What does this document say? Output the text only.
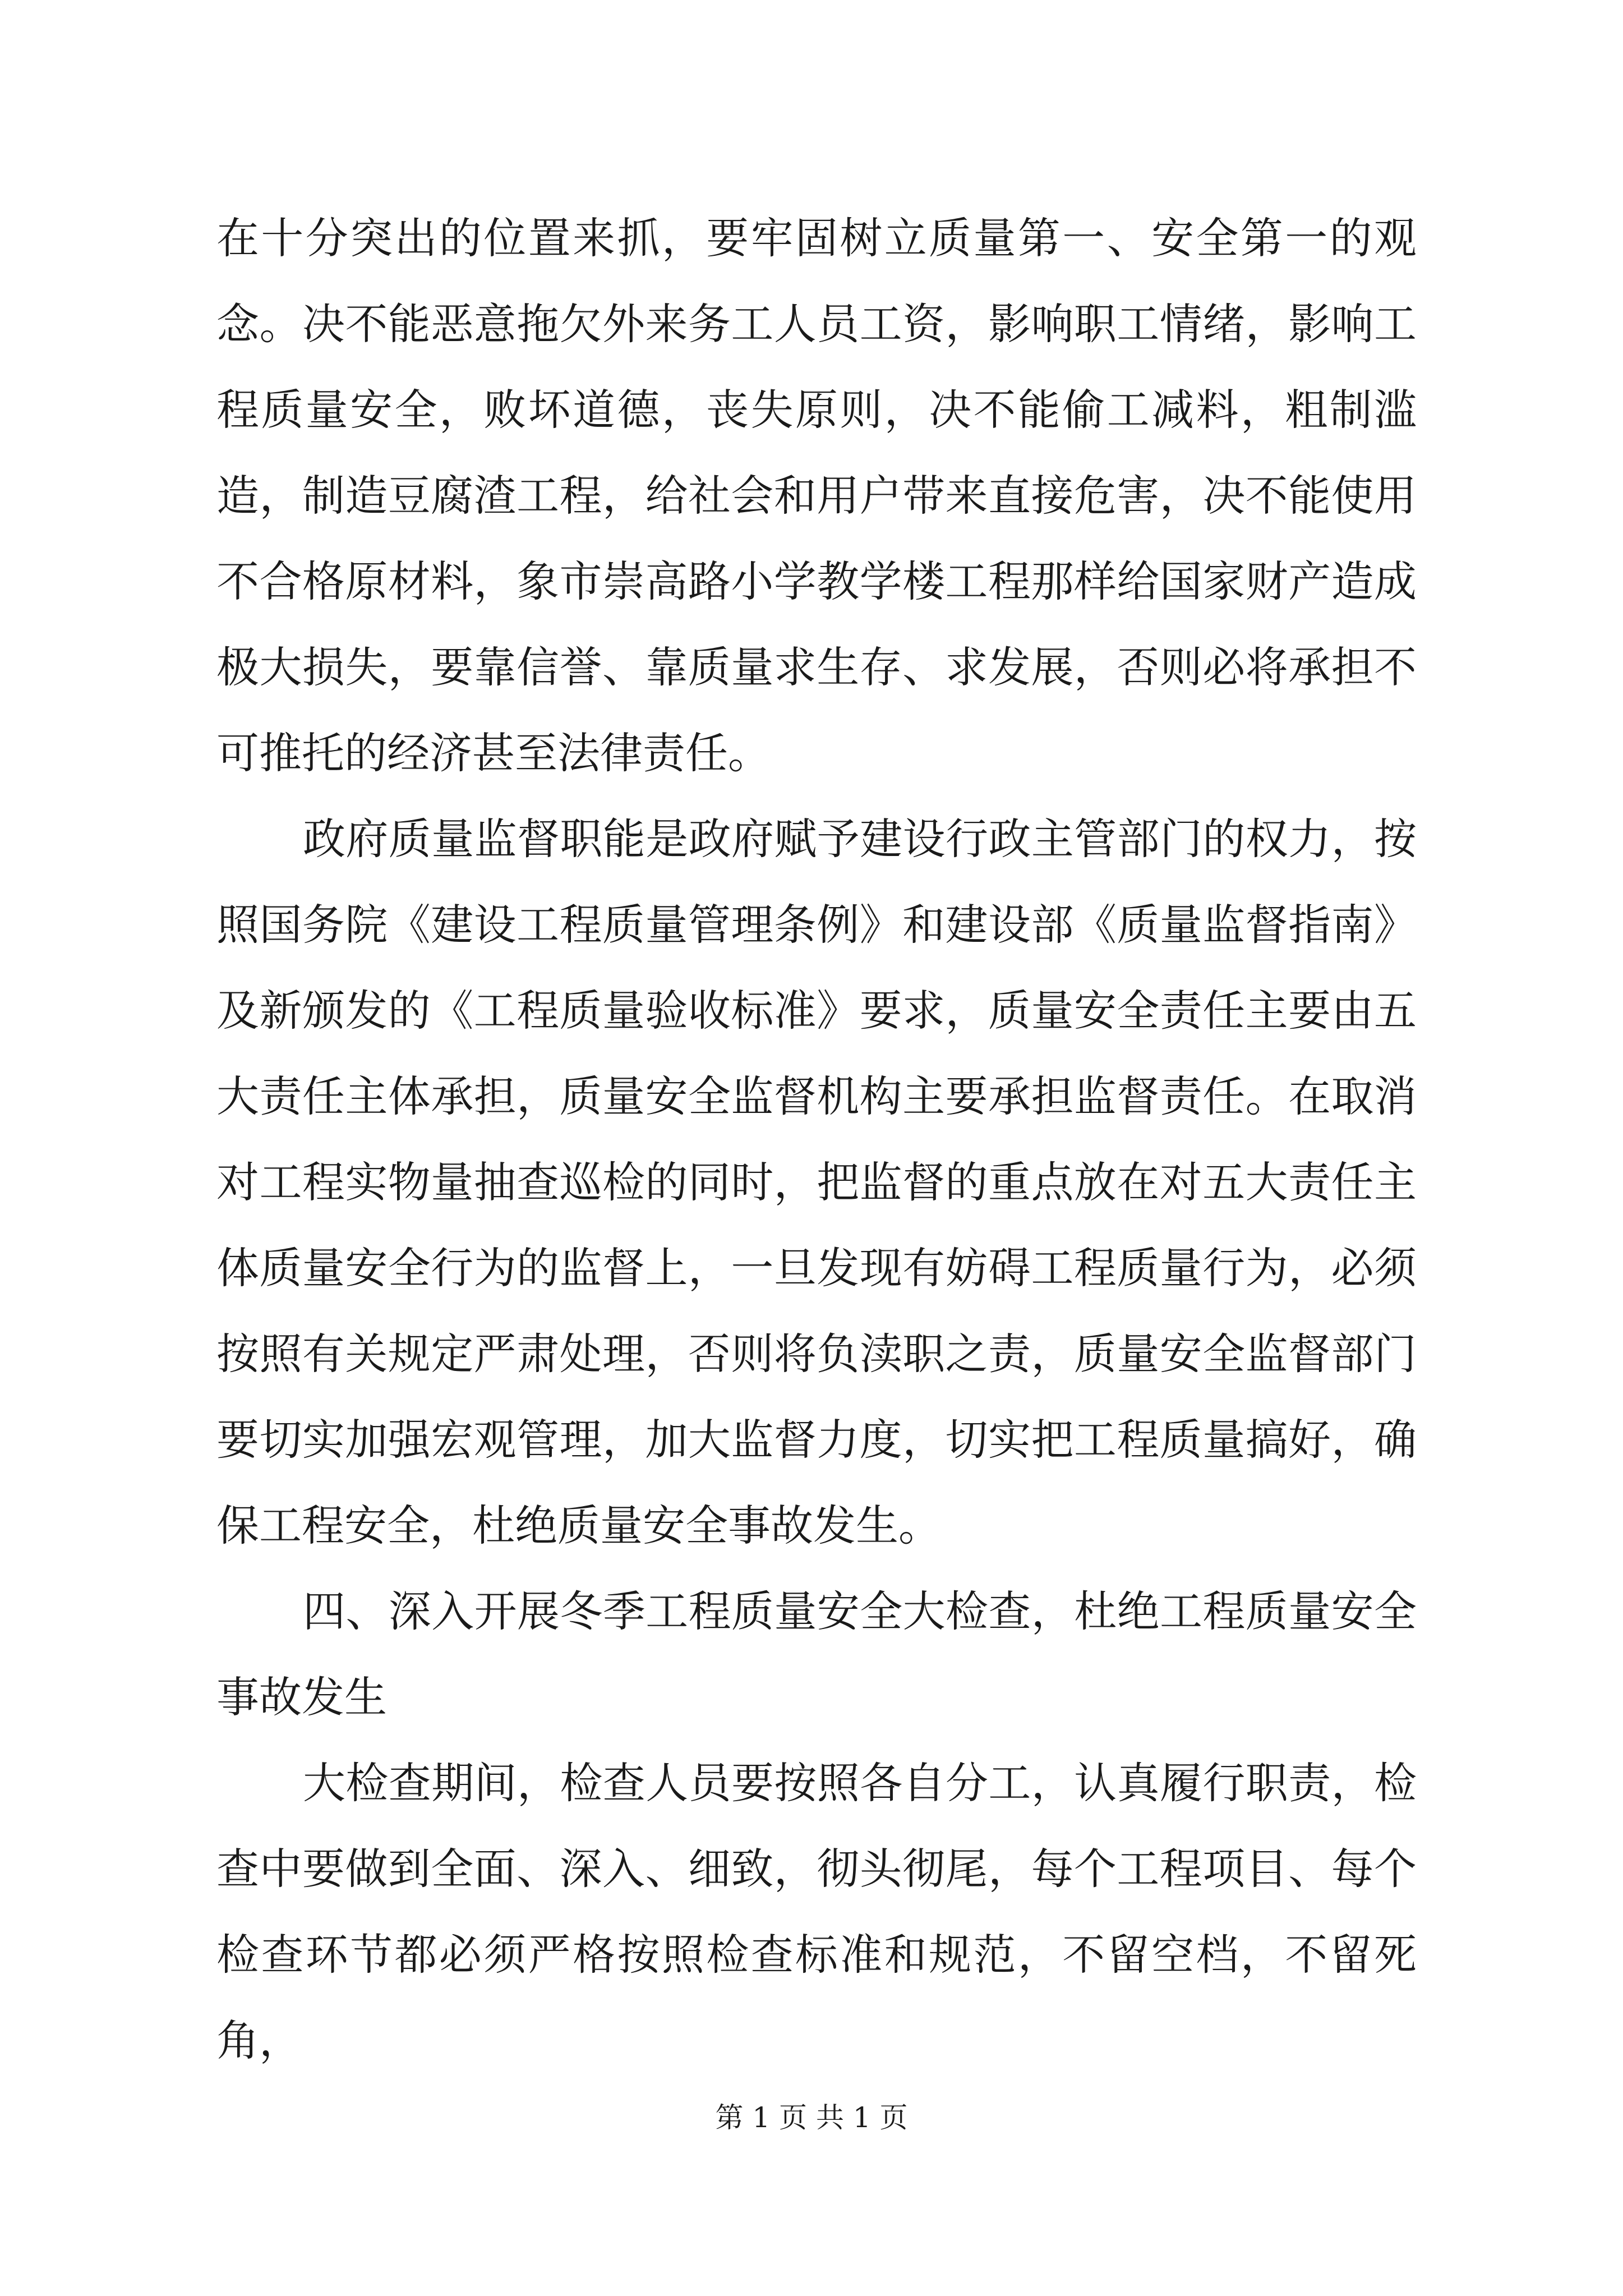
在十分突出的位置来抓，要牢固树立质量第一、安全第一的观念。决不能恶意拖欠外来务工人员工资，影响职工情绪，影响工程质量安全，败坏道德，丧失原则，决不能偷工减料，粗制滥造，制造豆腐渣工程，给社会和用户带来直接危害，决不能使用不合格原材料，象市崇高路小学教学楼工程那样给国家财产造成极大损失，要靠信誉、靠质量求生存、求发展，否则必将承担不可推托的经济甚至法律责任。

政府质量监督职能是政府赋予建设行政主管部门的权力，按照国务院《建设工程质量管理条例》和建设部《质量监督指南》及新颁发的《工程质量验收标准》要求，质量安全责任主要由五大责任主体承担，质量安全监督机构主要承担监督责任。在取消对工程实物量抽查巡检的同时，把监督的重点放在对五大责任主体质量安全行为的监督上，一旦发现有妨碍工程质量行为，必须按照有关规定严肃处理，否则将负渎职之责，质量安全监督部门要切实加强宏观管理，加大监督力度，切实把工程质量搞好，确保工程安全，杜绝质量安全事故发生。

四、深入开展冬季工程质量安全大检查，杜绝工程质量安全事故发生

大检查期间，检查人员要按照各自分工，认真履行职责，检查中要做到全面、深入、细致，彻头彻尾，每个工程项目、每个检查环节都必须严格按照检查标准和规范，不留空档，不留死角，

第 1 页 共 1 页
